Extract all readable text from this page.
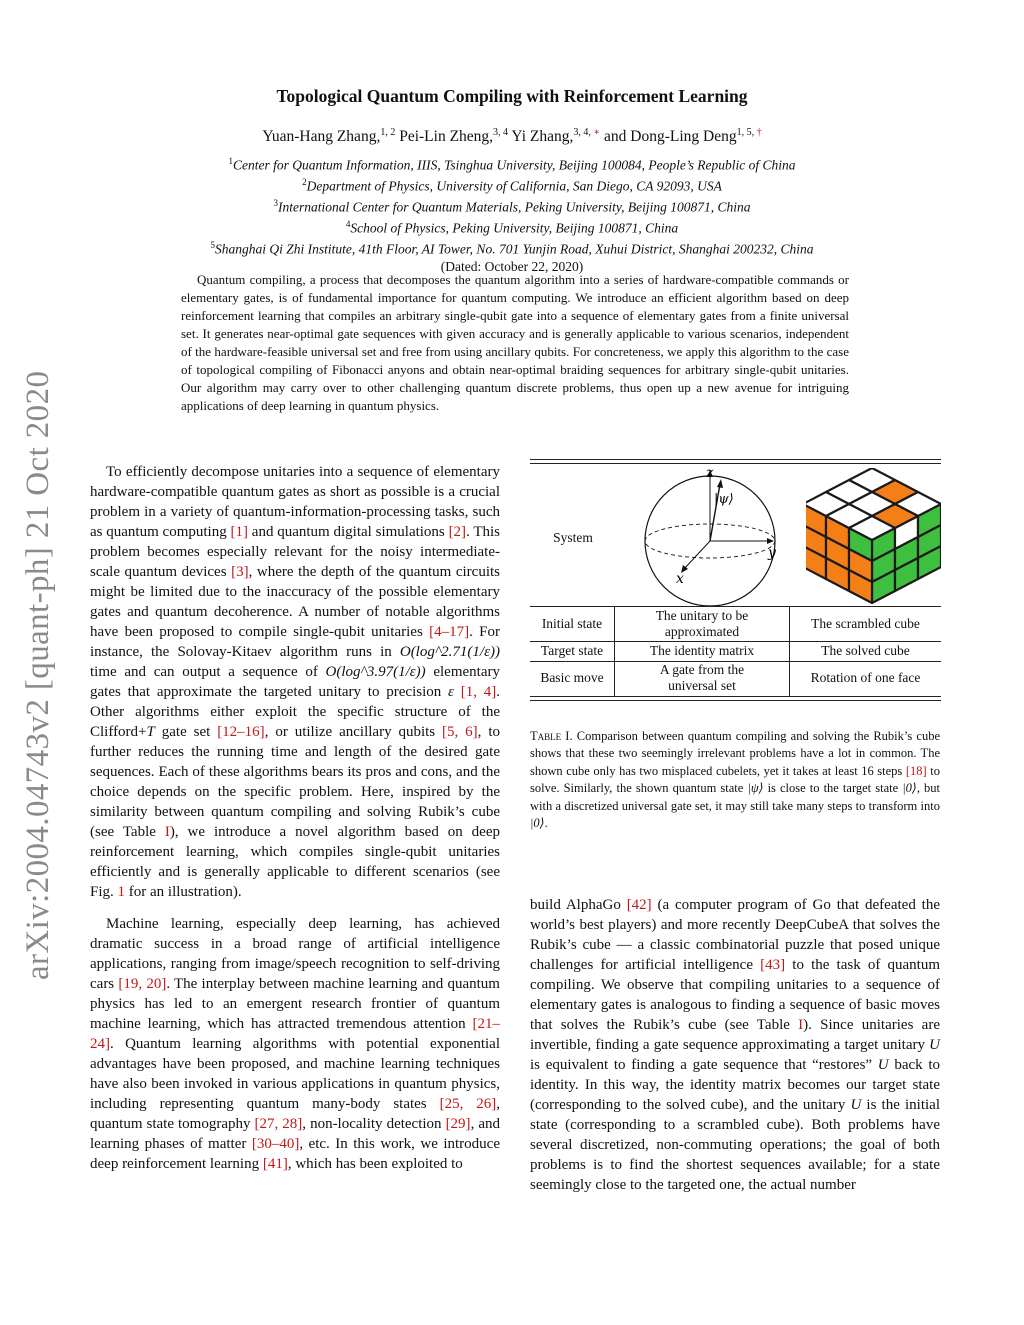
arXiv:2004.04743v2 [quant-ph] 21 Oct 2020
Topological Quantum Compiling with Reinforcement Learning
Yuan-Hang Zhang,$^{1, 2}$ Pei-Lin Zheng,$^{3, 4}$ Yi Zhang,$^{3, 4, ∗}$ and Dong-Ling Deng$^{1, 5, \dagger}$
$^1$Center for Quantum Information, IIIS, Tsinghua University, Beijing 100084, People’s Republic of China
$^2$Department of Physics, University of California, San Diego, CA 92093, USA
$^3$International Center for Quantum Materials, Peking University, Beijing 100871, China
$^4$School of Physics, Peking University, Beijing 100871, China
$^5$Shanghai Qi Zhi Institute, 41th Floor, AI Tower, No. 701 Yunjin Road, Xuhui District, Shanghai 200232, China
(Dated: October 22, 2020)
Quantum compiling, a process that decomposes the quantum algorithm into a series of hardware-compatible commands or elementary gates, is of fundamental importance for quantum computing. We introduce an efficient algorithm based on deep reinforcement learning that compiles an arbitrary single-qubit gate into a sequence of elementary gates from a finite universal set. It generates near-optimal gate sequences with given accuracy and is generally applicable to various scenarios, independent of the hardware-feasible universal set and free from using ancillary qubits. For concreteness, we apply this algorithm to the case of topological compiling of Fibonacci anyons and obtain near-optimal braiding sequences for arbitrary single-qubit unitaries. Our algorithm may carry over to other challenging quantum discrete problems, thus open up a new avenue for intriguing applications of deep learning in quantum physics.

To efficiently decompose unitaries into a sequence of elementary hardware-compatible quantum gates as short as possible is a crucial problem in a variety of quantum-information-processing tasks, such as quantum computing [1] and quantum digital simulations [2]. This problem becomes especially relevant for the noisy intermediate-scale quantum devices [3], where the depth of the quantum circuits might be limited due to the inaccuracy of the possible elementary gates and quantum decoherence. A number of notable algorithms have been proposed to compile single-qubit unitaries [4–17]. For instance, the Solovay-Kitaev algorithm runs in O(log^2.71(1/ε)) time and can output a sequence of O(log^3.97(1/ε)) elementary gates that approximate the targeted unitary to precision ε [1, 4]. Other algorithms either exploit the specific structure of the Clifford+T gate set [12–16], or utilize ancillary qubits [5, 6], to further reduces the running time and length of the desired gate sequences. Each of these algorithms bears its pros and cons, and the choice depends on the specific problem. Here, inspired by the similarity between quantum compiling and solving Rubik’s cube (see Table I), we introduce a novel algorithm based on deep reinforcement learning, which compiles single-qubit unitaries efficiently and is generally applicable to different scenarios (see Fig. 1 for an illustration).

Machine learning, especially deep learning, has achieved dramatic success in a broad range of artificial intelligence applications, ranging from image/speech recognition to self-driving cars [19, 20]. The interplay between machine learning and quantum physics has led to an emergent research frontier of quantum machine learning, which has attracted tremendous attention [21–24]. Quantum learning algorithms with potential exponential advantages have been proposed, and machine learning techniques have also been invoked in various applications in quantum physics, including representing quantum many-body states [25, 26], quantum state tomography [27, 28], non-locality detection [29], and learning phases of matter [30–40], etc. In this work, we introduce deep reinforcement learning [41], which has been exploited to

System
z
y
x
|ψ⟩
Initial state
The unitary to be approximated
The scrambled cube
Target state	The identity matrix	The solved cube
Basic move
A gate from the universal set
Rotation of one face
Table I. Comparison between quantum compiling and solving the Rubik’s cube shows that these two seemingly irrelevant problems have a lot in common. The shown cube only has two misplaced cubelets, yet it takes at least 16 steps [18] to solve. Similarly, the shown quantum state |ψ⟩ is close to the target state |0⟩, but with a discretized universal gate set, it may still take many steps to transform into |0⟩.

build AlphaGo [42] (a computer program of Go that defeated the world’s best players) and more recently DeepCubeA that solves the Rubik’s cube — a classic combinatorial puzzle that posed unique challenges for artificial intelligence [43] to the task of quantum compiling. We observe that compiling unitaries to a sequence of elementary gates is analogous to finding a sequence of basic moves that solves the Rubik’s cube (see Table I). Since unitaries are invertible, finding a gate sequence approximating a target unitary U is equivalent to finding a gate sequence that “restores” U back to identity. In this way, the identity matrix becomes our target state (corresponding to the solved cube), and the unitary U is the initial state (corresponding to a scrambled cube). Both problems have several discretized, non-commuting operations; the goal of both problems is to find the shortest sequences available; for a state seemingly close to the targeted one, the actual number
